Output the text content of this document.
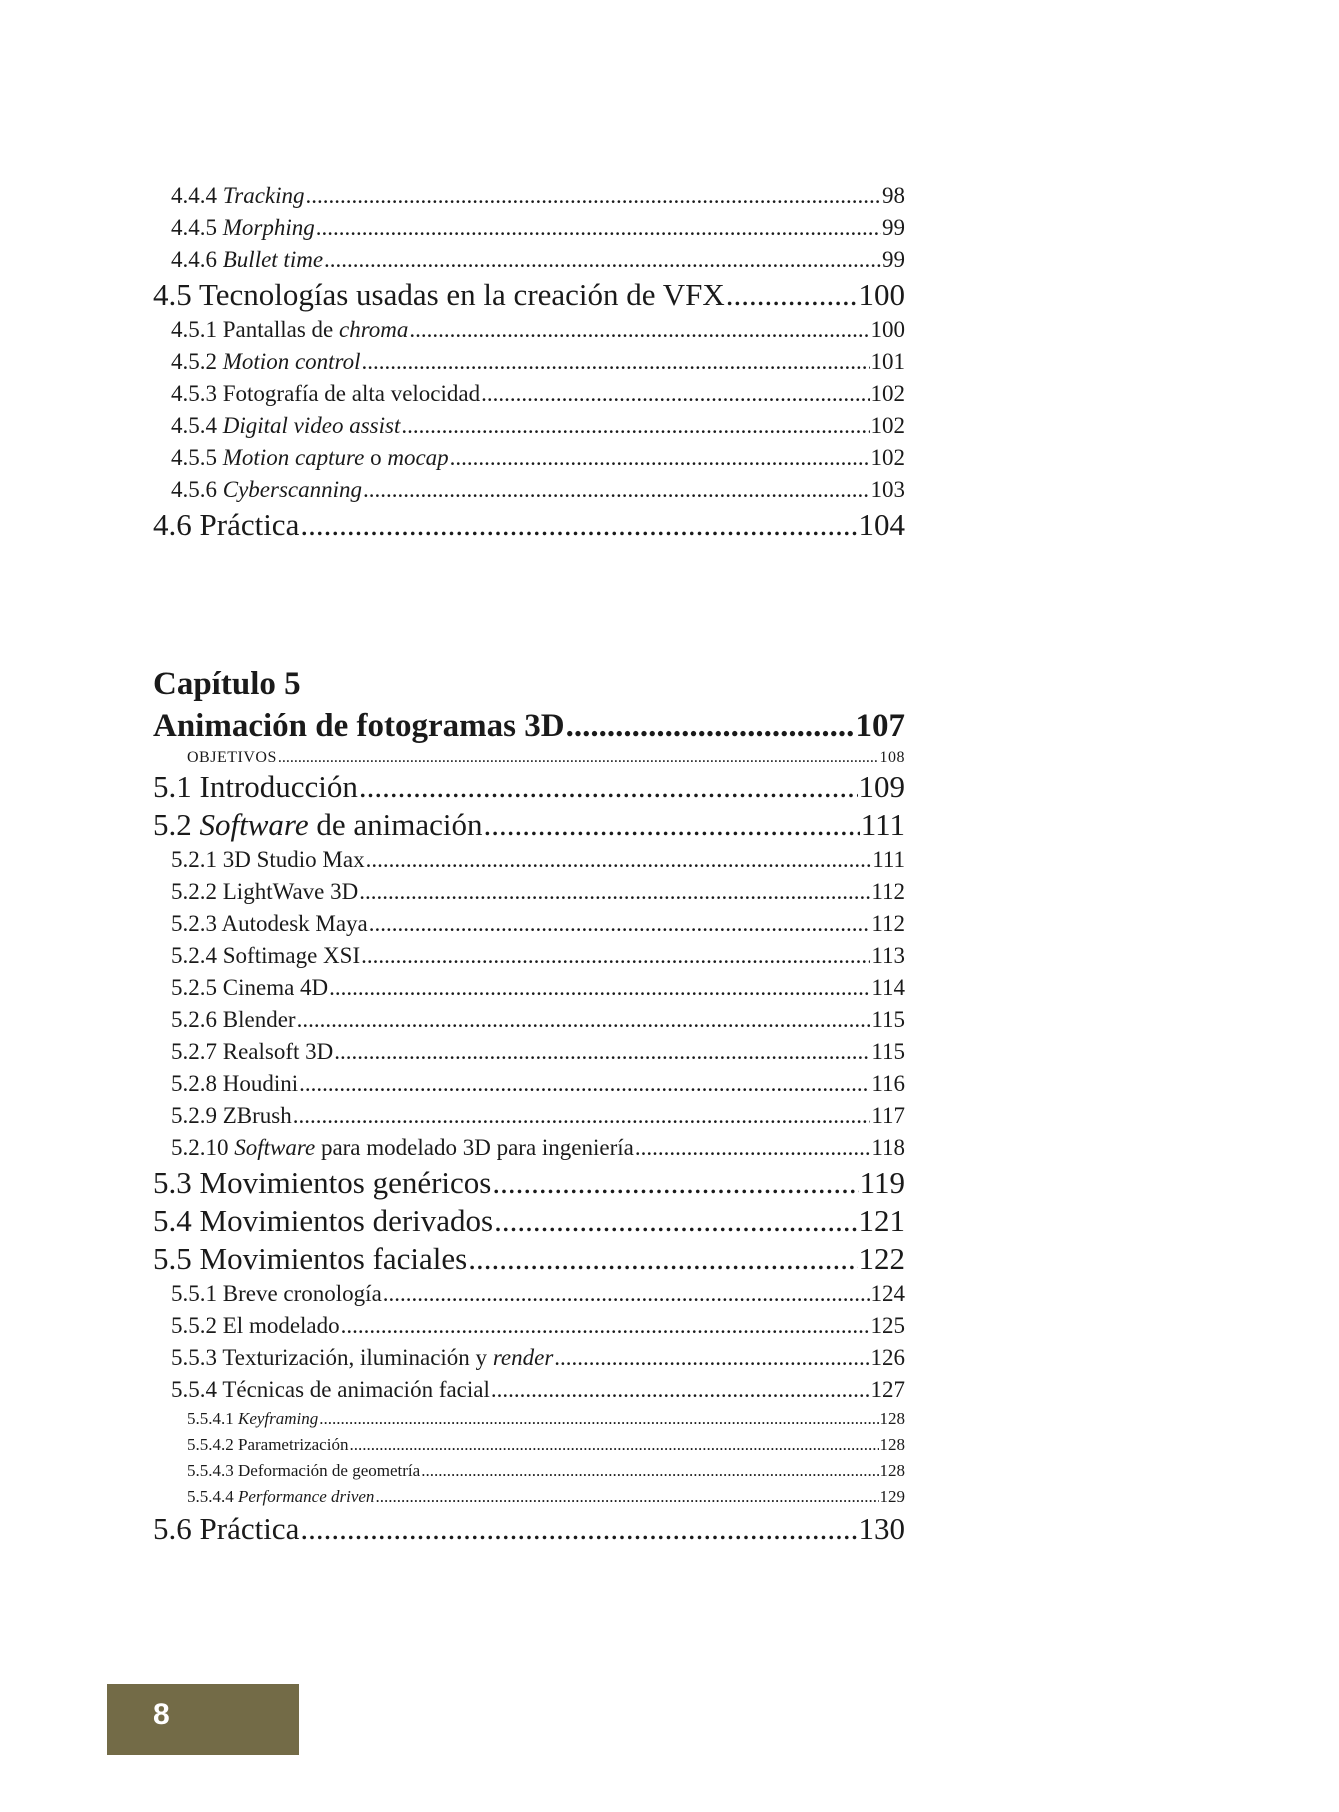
4.4.4 Tracking .....	98
4.4.5 Morphing .....	99
4.4.6 Bullet time .....	99
4.5 Tecnologías usadas en la creación de VFX .....	100
4.5.1 Pantallas de chroma .....	100
4.5.2 Motion control .....	101
4.5.3 Fotografía de alta velocidad .....	102
4.5.4 Digital video assist .....	102
4.5.5 Motion capture o mocap .....	102
4.5.6 Cyberscanning .....	103
4.6 Práctica .....	104
Capítulo 5
Animación de fotogramas 3D .....	107
OBJETIVOS .....	108
5.1 Introducción .....	109
5.2 Software de animación .....	111
5.2.1 3D Studio Max .....	111
5.2.2 LightWave 3D .....	112
5.2.3 Autodesk Maya .....	112
5.2.4 Softimage XSI .....	113
5.2.5 Cinema 4D .....	114
5.2.6 Blender .....	115
5.2.7 Realsoft 3D .....	115
5.2.8 Houdini .....	116
5.2.9 ZBrush .....	117
5.2.10 Software para modelado 3D para ingeniería .....	118
5.3 Movimientos genéricos .....	119
5.4 Movimientos derivados .....	121
5.5 Movimientos faciales .....	122
5.5.1 Breve cronología .....	124
5.5.2 El modelado .....	125
5.5.3 Texturización, iluminación y render .....	126
5.5.4 Técnicas de animación facial .....	127
5.5.4.1 Keyframing .....	128
5.5.4.2 Parametrización .....	128
5.5.4.3 Deformación de geometría .....	128
5.5.4.4 Performance driven .....	129
5.6 Práctica .....	130
8
